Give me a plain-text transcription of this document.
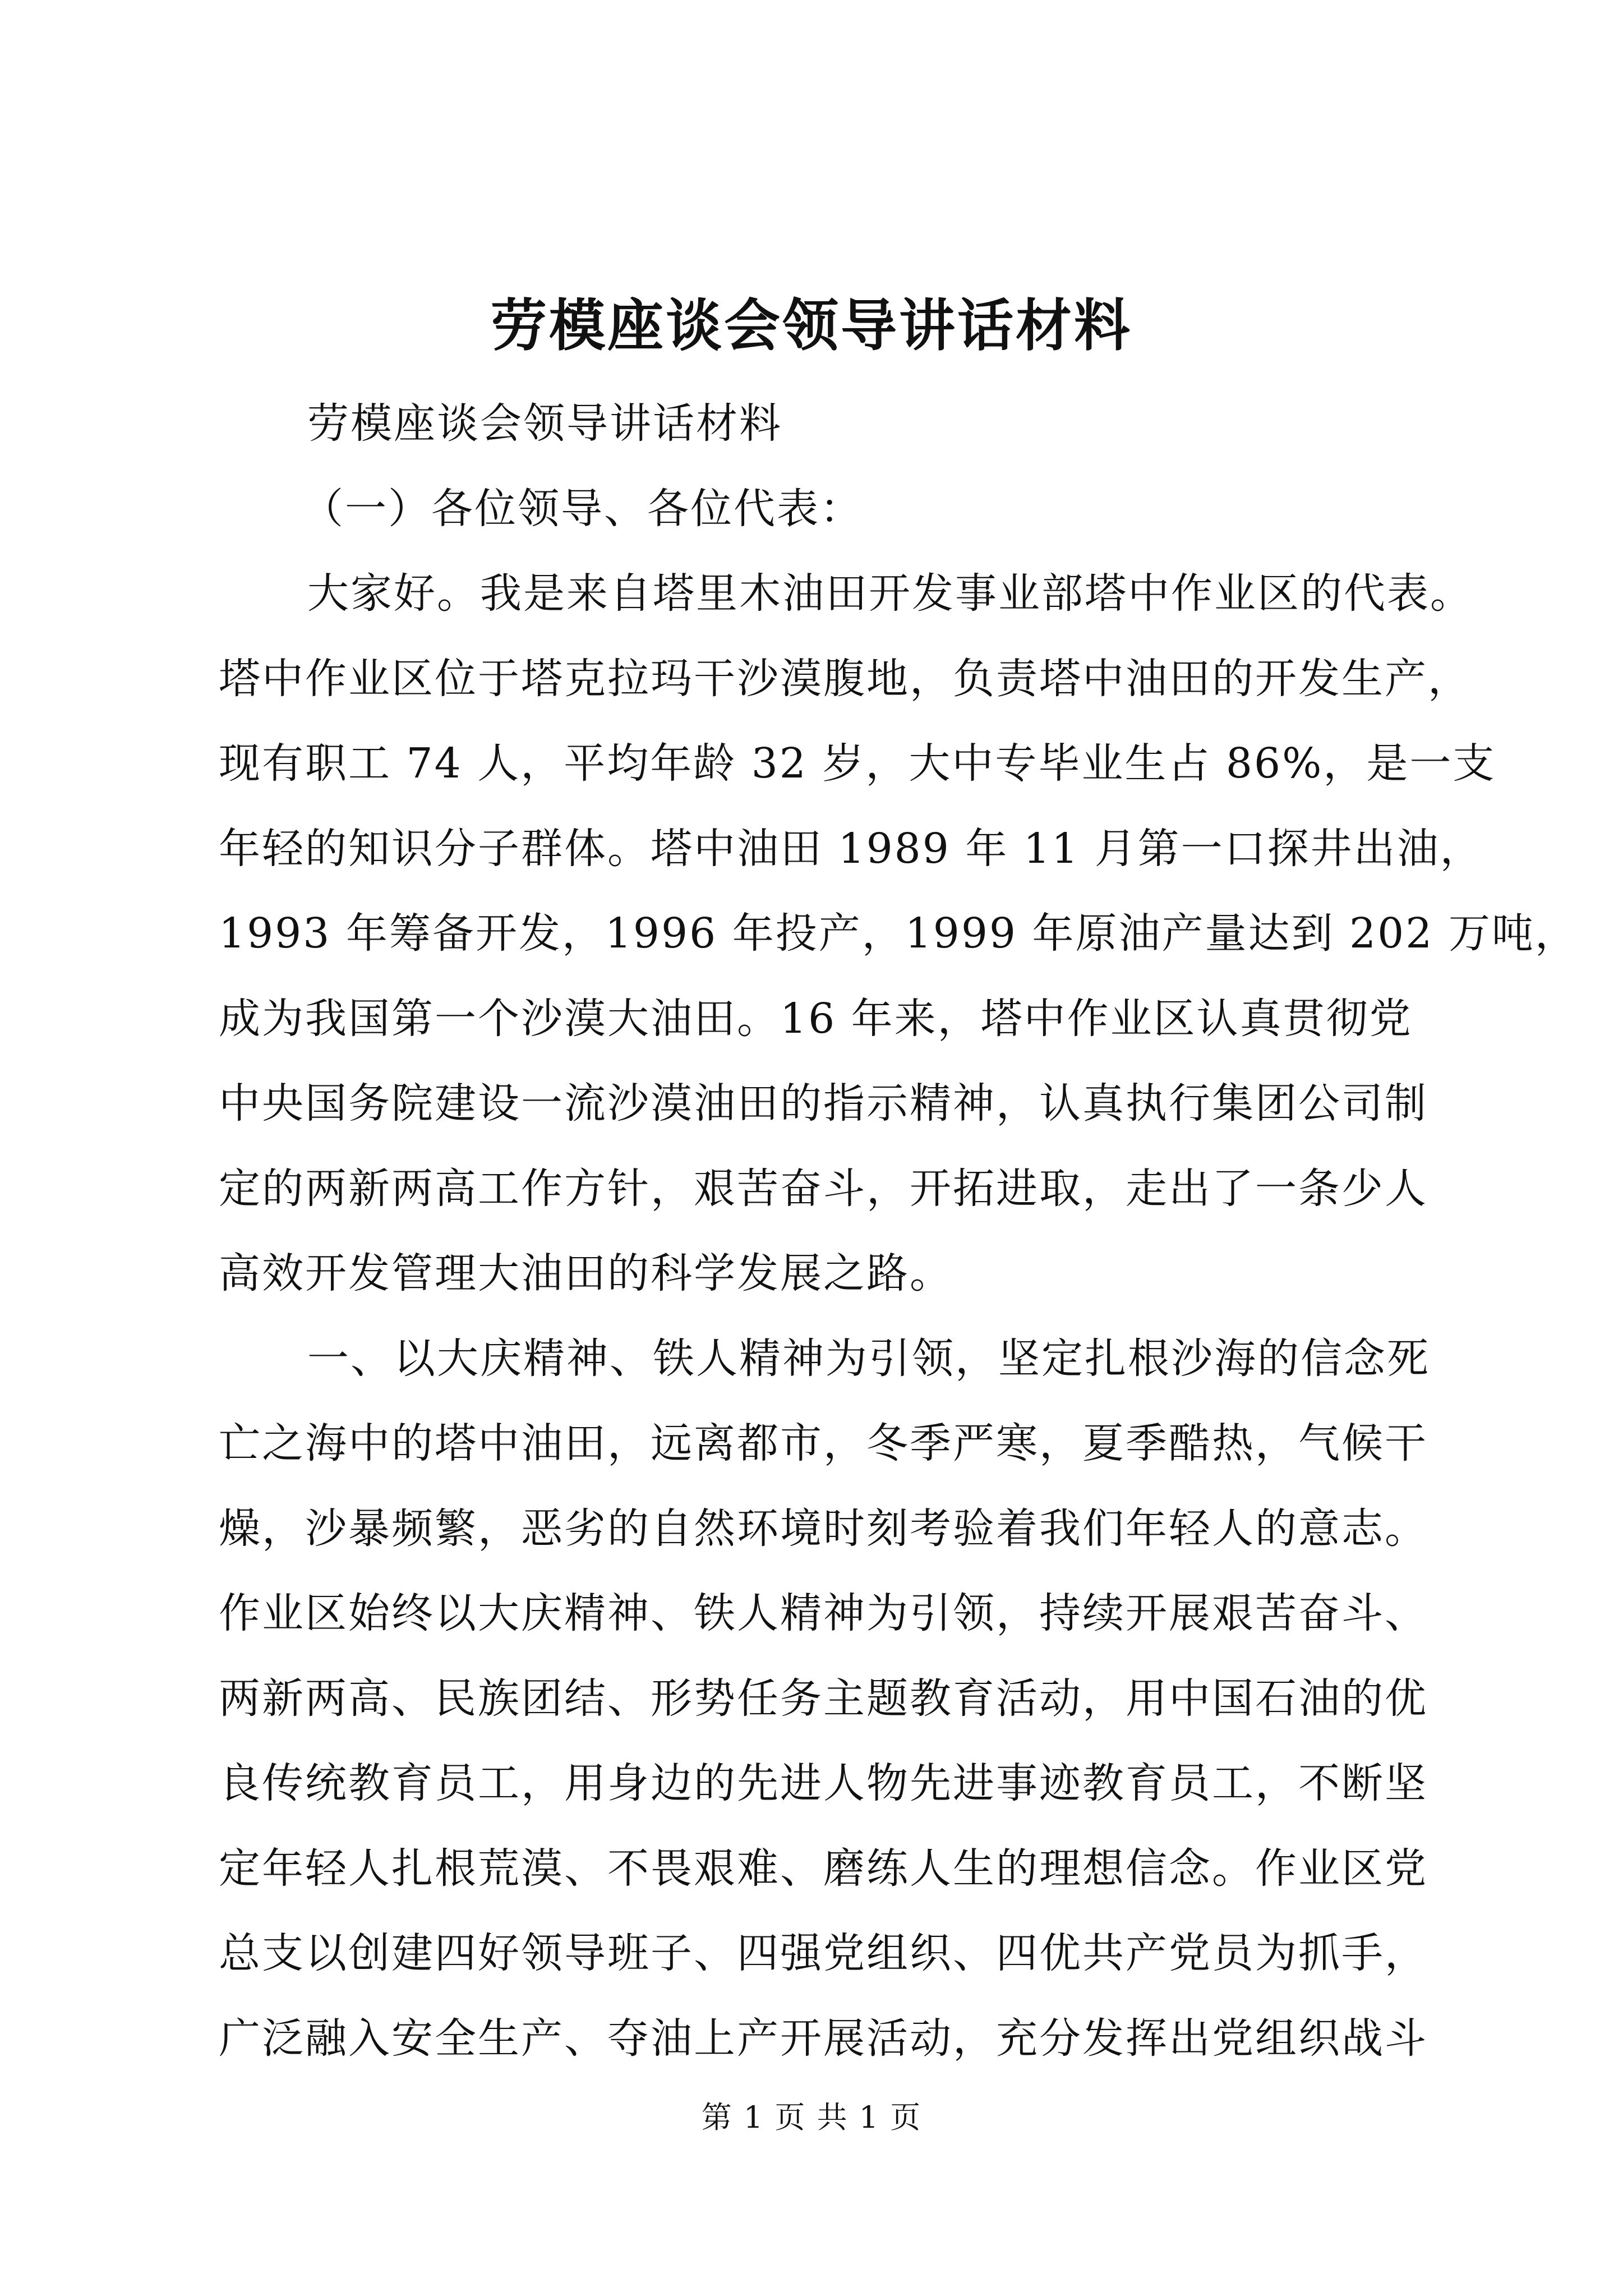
劳模座谈会领导讲话材料
劳模座谈会领导讲话材料
（一）各位领导、各位代表：
大家好。我是来自塔里木油田开发事业部塔中作业区的代表。
塔中作业区位于塔克拉玛干沙漠腹地，负责塔中油田的开发生产，
现有职工 74 人，平均年龄 32 岁，大中专毕业生占 86%，是一支
年轻的知识分子群体。塔中油田 1989 年 11 月第一口探井出油，
1993 年筹备开发，1996 年投产，1999 年原油产量达到 202 万吨，
成为我国第一个沙漠大油田。16 年来，塔中作业区认真贯彻党
中央国务院建设一流沙漠油田的指示精神，认真执行集团公司制
定的两新两高工作方针，艰苦奋斗，开拓进取，走出了一条少人
高效开发管理大油田的科学发展之路。
一、以大庆精神、铁人精神为引领，坚定扎根沙海的信念死
亡之海中的塔中油田，远离都市，冬季严寒，夏季酷热，气候干
燥，沙暴频繁，恶劣的自然环境时刻考验着我们年轻人的意志。
作业区始终以大庆精神、铁人精神为引领，持续开展艰苦奋斗、
两新两高、民族团结、形势任务主题教育活动，用中国石油的优
良传统教育员工，用身边的先进人物先进事迹教育员工，不断坚
定年轻人扎根荒漠、不畏艰难、磨练人生的理想信念。作业区党
总支以创建四好领导班子、四强党组织、四优共产党员为抓手，
广泛融入安全生产、夺油上产开展活动，充分发挥出党组织战斗
第 1 页 共 1 页
